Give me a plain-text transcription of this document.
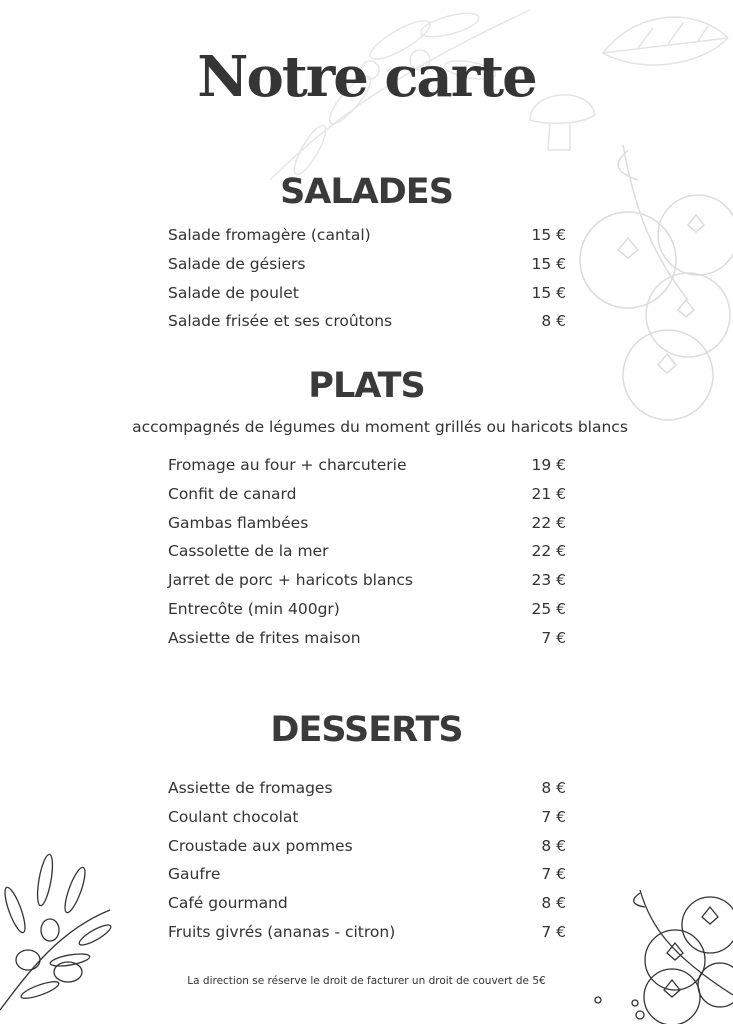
Notre carte
SALADES
Salade fromagère (cantal)	15 €
Salade de gésiers	15 €
Salade de poulet	15 €
Salade frisée et ses croûtons	8 €
PLATS
accompagnés de légumes du moment grillés ou haricots blancs
Fromage au four + charcuterie	19 €
Confit de canard	21 €
Gambas flambées	22 €
Cassolette de la mer	22 €
Jarret de porc + haricots blancs	23 €
Entrecôte (min 400gr)	25 €
Assiette de frites maison	7 €
DESSERTS
Assiette de fromages	8 €
Coulant chocolat	7 €
Croustade aux pommes	8 €
Gaufre	7 €
Café gourmand	8 €
Fruits givrés (ananas - citron)	7 €
La direction se réserve le droit de facturer un droit de couvert de 5€
